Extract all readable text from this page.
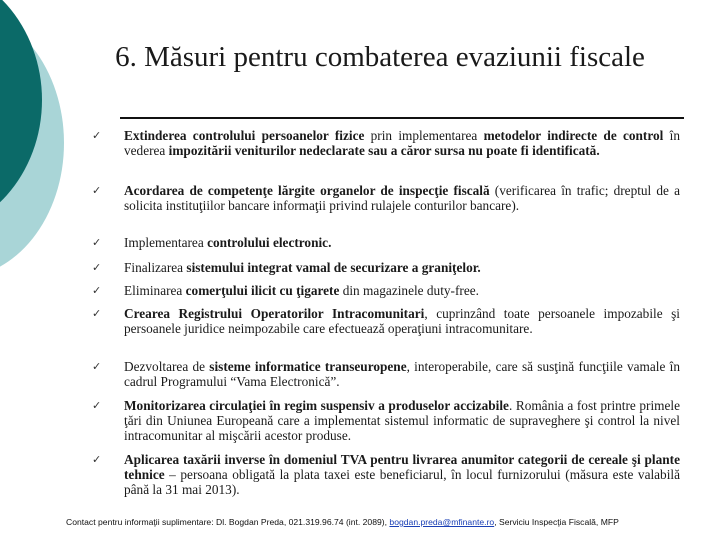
6. Măsuri pentru combaterea evaziunii fiscale
✓	Extinderea controlului persoanelor fizice prin implementarea metodelor indirecte de control în vederea impozitării veniturilor nedeclarate sau a căror sursa nu poate fi identificată.
✓	Acordarea de competenţe lărgite organelor de inspecţie fiscală (verificarea în trafic; dreptul de a solicita instituţiilor bancare informaţii privind rulajele conturilor bancare).
✓	Implementarea controlului electronic.
✓	Finalizarea sistemului integrat vamal de securizare a graniţelor.
✓	Eliminarea comerţului ilicit cu ţigarete din magazinele duty-free.
✓	Crearea Registrului Operatorilor Intracomunitari, cuprinzând toate persoanele impozabile şi persoanele juridice neimpozabile care efectuează operaţiuni intracomunitare.
✓	Dezvoltarea de sisteme informatice transeuropene, interoperabile, care să susţină funcţiile vamale în cadrul Programului “Vama Electronică”.
✓	Monitorizarea circulaţiei în regim suspensiv a produselor accizabile. România a fost printre primele ţări din Uniunea Europeană care a implementat sistemul informatic de supraveghere şi control la nivel intracomunitar al mişcării acestor produse.
✓	Aplicarea taxării inverse în domeniul TVA pentru livrarea anumitor categorii de cereale şi plante tehnice – persoana obligată la plata taxei este beneficiarul, în locul furnizorului (măsura este valabilă până la 31 mai 2013).
Contact pentru informaţii suplimentare: Dl. Bogdan Preda, 021.319.96.74 (int. 2089), bogdan.preda@mfinante.ro, Serviciu Inspecţia Fiscală, MFP
